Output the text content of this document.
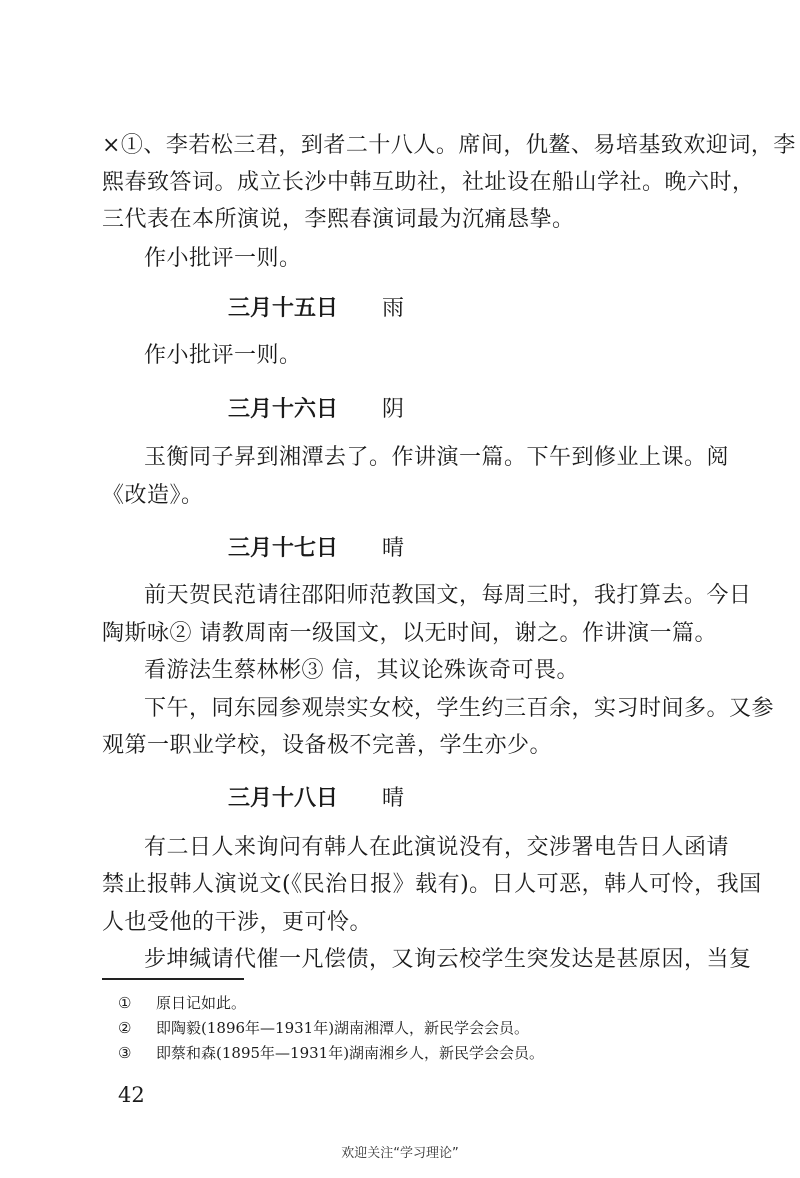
×①、李若松三君，到者二十八人。席间，仇鳌、易培基致欢迎词，李
熙春致答词。成立长沙中韩互助社，社址设在船山学社。晚六时，
三代表在本所演说，李熙春演词最为沉痛恳挚。
作小批评一则。
三月十五日 雨
作小批评一则。
三月十六日 阴
玉衡同子昇到湘潭去了。作讲演一篇。下午到修业上课。阅
《改造》。
三月十七日 晴
前天贺民范请往邵阳师范教国文，每周三时，我打算去。今日
陶斯咏② 请教周南一级国文，以无时间，谢之。作讲演一篇。
看游法生蔡林彬③ 信，其议论殊诙奇可畏。
下午，同东园参观崇实女校，学生约三百余，实习时间多。又参
观第一职业学校，设备极不完善，学生亦少。
三月十八日 晴
有二日人来询问有韩人在此演说没有，交涉署电告日人函请
禁止报韩人演说文(《民治日报》载有)。日人可恶，韩人可怜，我国
人也受他的干涉，更可怜。
步坤缄请代催一凡偿债，又询云校学生突发达是甚原因，当复
① 原日记如此。
② 即陶毅(1896年—1931年)湖南湘潭人，新民学会会员。
③ 即蔡和森(1895年—1931年)湖南湘乡人，新民学会会员。
42
欢迎关注“学习理论”
